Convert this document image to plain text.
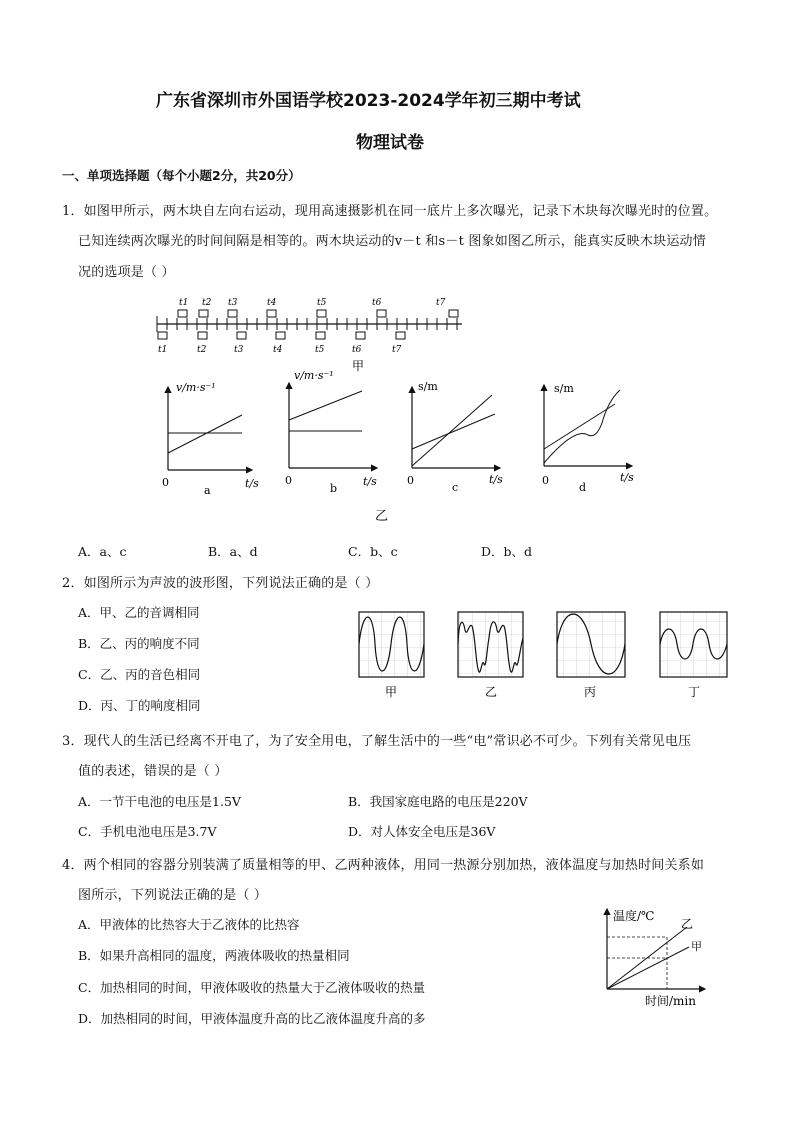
广东省深圳市外国语学校2023-2024学年初三期中考试
物理试卷
一、单项选择题（每个小题2分，共20分）
1．如图甲所示，两木块自左向右运动，现用高速摄影机在同一底片上多次曝光，记录下木块每次曝光时的位置。
已知连续两次曝光的时间间隔是相等的。两木块运动的v－t 和s－t 图象如图乙所示，能真实反映木块运动情
况的选项是（ ）
t1 t2 t3	t4	t5	t6	t7
t1	t2	t3	t4	t5	t6	t7
甲
v/m·s⁻¹
t/s
0
a
v/m·s⁻¹
t/s
0
b
s/m
t/s
0
c
s/m
t/s
0
d
乙
A．a、c	B．a、d	C．b、c	D．b、d
2．如图所示为声波的波形图，下列说法正确的是（ ）
A．甲、乙的音调相同
B．乙、丙的响度不同
C．乙、丙的音色相同
D．丙、丁的响度相同
甲	乙	丙	丁
3．现代人的生活已经离不开电了，为了安全用电，了解生活中的一些“电”常识必不可少。下列有关常见电压
值的表述，错误的是（ ）
A．一节干电池的电压是1.5V	B．我国家庭电路的电压是220V
C．手机电池电压是3.7V	D．对人体安全电压是36V
4．两个相同的容器分别装满了质量相等的甲、乙两种液体，用同一热源分别加热，液体温度与加热时间关系如
图所示，下列说法正确的是（ ）
A．甲液体的比热容大于乙液体的比热容
B．如果升高相同的温度，两液体吸收的热量相同
C．加热相同的时间，甲液体吸收的热量大于乙液体吸收的热量
D．加热相同的时间，甲液体温度升高的比乙液体温度升高的多
温度/℃
时间/min
乙
甲
